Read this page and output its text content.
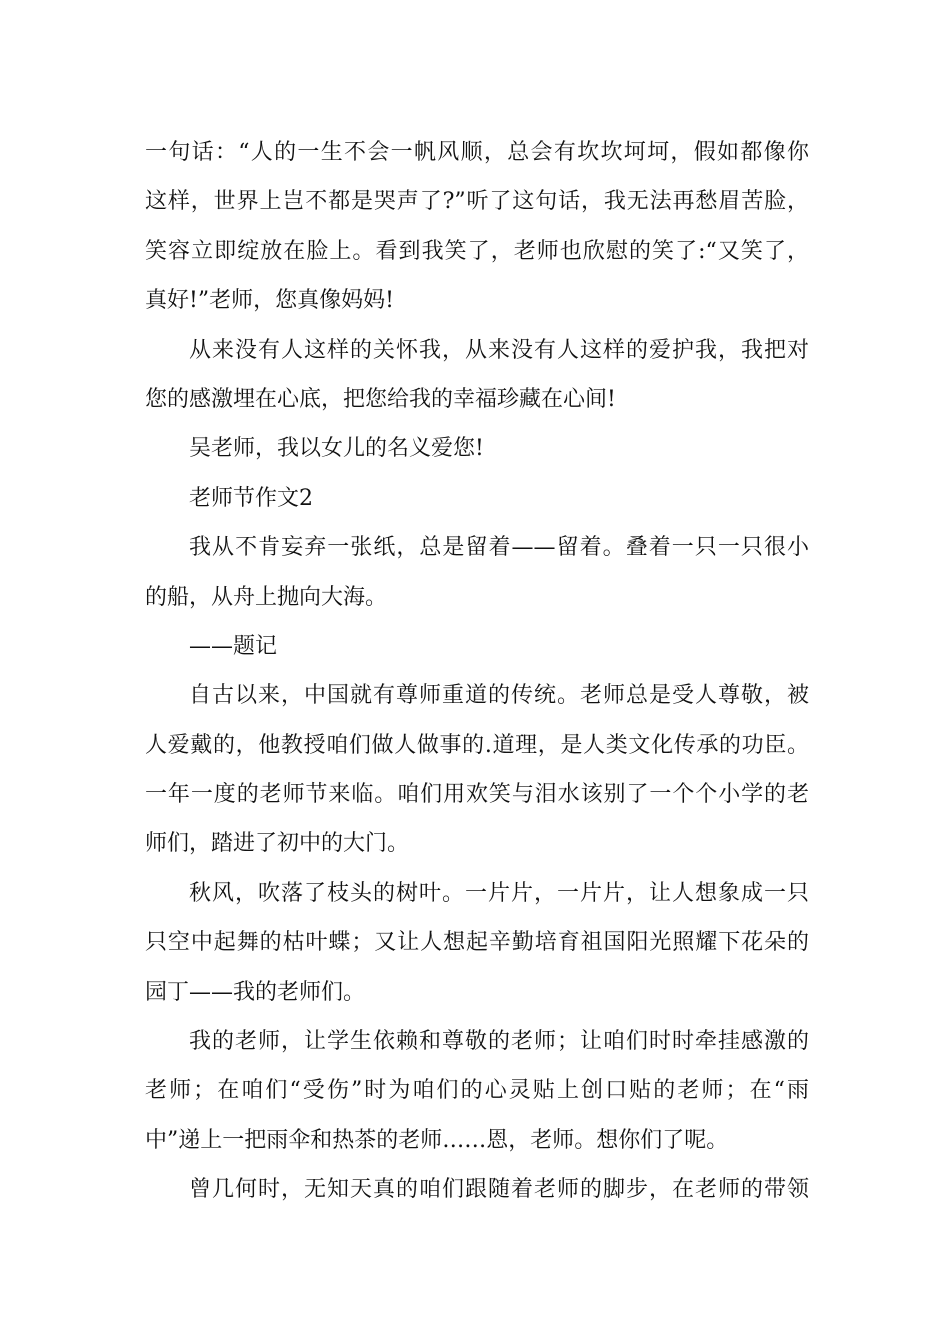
一句话：“人的一生不会一帆风顺，总会有坎坎坷坷，假如都像你
这样，世界上岂不都是哭声了?”听了这句话，我无法再愁眉苦脸，
笑容立即绽放在脸上。看到我笑了，老师也欣慰的笑了:“又笑了，
真好!”老师，您真像妈妈!
从来没有人这样的关怀我，从来没有人这样的爱护我，我把对
您的感激埋在心底，把您给我的幸福珍藏在心间!
吴老师，我以女儿的名义爱您!
老师节作文2
我从不肯妄弃一张纸，总是留着——留着。叠着一只一只很小
的船，从舟上抛向大海。
——题记
自古以来，中国就有尊师重道的传统。老师总是受人尊敬，被
人爱戴的，他教授咱们做人做事的.道理，是人类文化传承的功臣。
一年一度的老师节来临。咱们用欢笑与泪水该别了一个个小学的老
师们，踏进了初中的大门。
秋风，吹落了枝头的树叶。一片片，一片片，让人想象成一只
只空中起舞的枯叶蝶；又让人想起辛勤培育祖国阳光照耀下花朵的
园丁——我的老师们。
我的老师，让学生依赖和尊敬的老师；让咱们时时牵挂感激的
老师；在咱们“受伤”时为咱们的心灵贴上创口贴的老师；在“雨
中”递上一把雨伞和热茶的老师……恩，老师。想你们了呢。
曾几何时，无知天真的咱们跟随着老师的脚步，在老师的带领
